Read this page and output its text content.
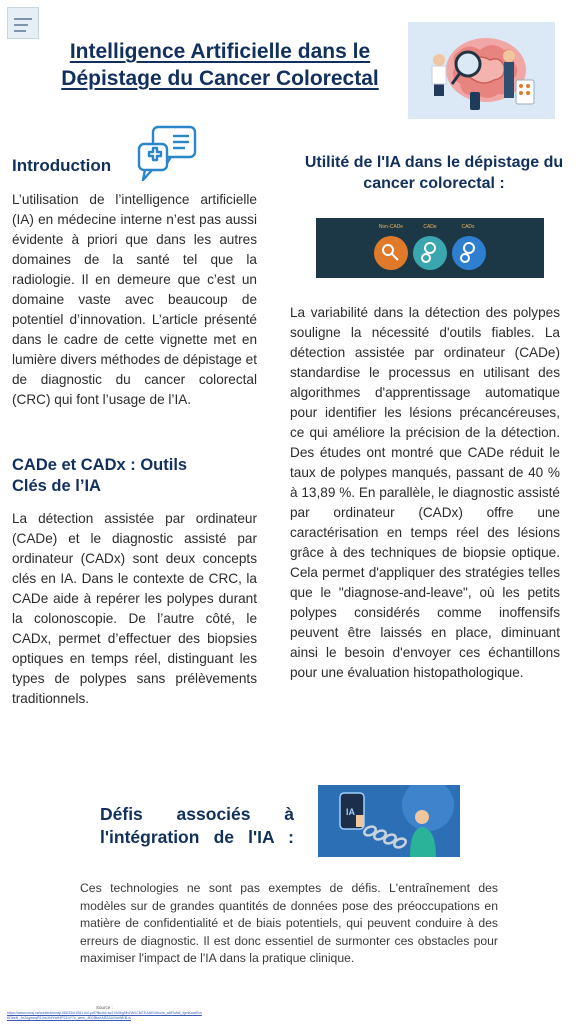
Intelligence Artificielle dans le Dépistage du Cancer Colorectal
Introduction

L’utilisation de l’intelligence artificielle (IA) en médecine interne n’est pas aussi évidente à priori que dans les autres domaines de la santé tel que la radiologie. Il en demeure que c’est un domaine vaste avec beaucoup de potentiel d’innovation. L’article présenté dans le cadre de cette vignette met en lumière divers méthodes de dépistage et de diagnostic du cancer colorectal (CRC) qui font l’usage de l’IA.

CADe et CADx : Outils Clés de l’IA

La détection assistée par ordinateur (CADe) et le diagnostic assisté par ordinateur (CADx) sont deux concepts clés en IA. Dans le contexte de CRC, la CADe aide à repérer les polypes durant la colonoscopie. De l’autre côté, le CADx, permet d’effectuer des biopsies optiques en temps réel, distinguant les types de polypes sans prélèvements traditionnels.

Utilité de l'IA dans le dépistage du cancer colorectal :
Non-CADe	CADe	CADx

La variabilité dans la détection des polypes souligne la nécessité d'outils fiables. La détection assistée par ordinateur (CADe) standardise le processus en utilisant des algorithmes d'apprentissage automatique pour identifier les lésions précancéreuses, ce qui améliore la précision de la détection. Des études ont montré que CADe réduit le taux de polypes manqués, passant de 40 % à 13,89 %. En parallèle, le diagnostic assisté par ordinateur (CADx) offre une caractérisation en temps réel des lésions grâce à des techniques de biopsie optique. Cela permet d'appliquer des stratégies telles que le "diagnose-and-leave", où les petits polypes considérés comme inoffensifs peuvent être laissés en place, diminuant ainsi le besoin d'envoyer ces échantillons pour une évaluation histopathologique.

Défis associés à l'intégration de l'IA :
IA

Ces technologies ne sont pas exemptes de défis. L'entraînement des modèles sur de grandes quantités de données pose des préoccupations en matière de confidentialité et de biais potentiels, qui peuvent conduire à des erreurs de diagnostic. Il est donc essentiel de surmonter ces obstacles pour maximiser l'impact de l'IA dans la pratique clinique.

Source :
https://www.cmaj.ca/content/cmaj/196/33/e1081.full.pdf?flkclid=IwZXh0bgNhZW0CMTEAAR3Hczie_aDRoN6_fgmKwaRvhKDkeN_Jn2ogmnqR1VmXbfYaH4P21hY7c_aem_JKGlBaXAR2AU0xkWKB-w
